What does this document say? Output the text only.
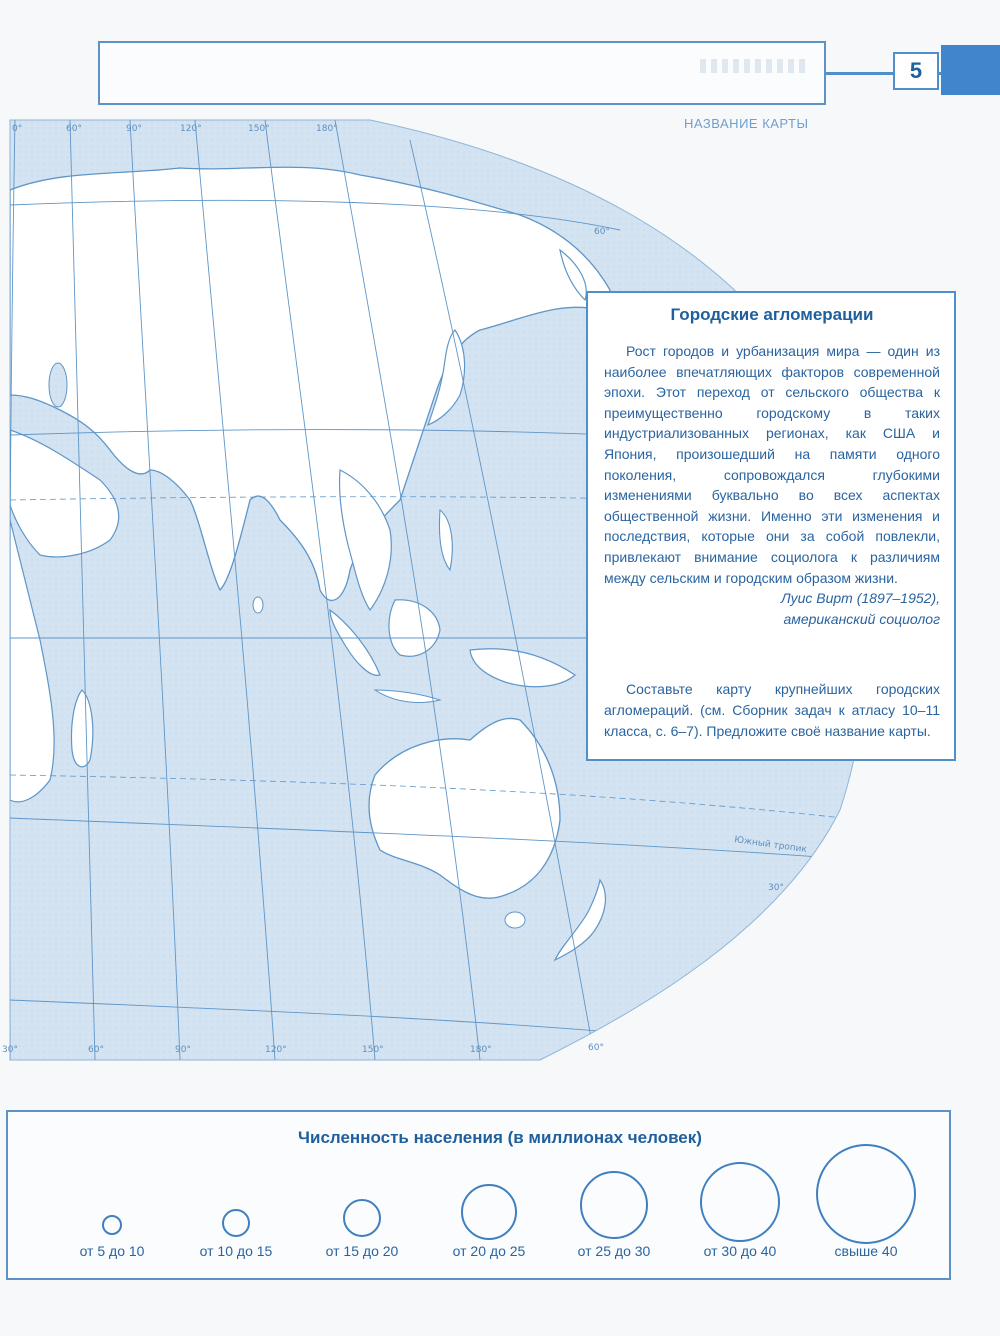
5
НАЗВАНИЕ КАРТЫ
0°	60°	90°	120°	150°	180°
30°	60°	90°	120°	150°	180°	60°
60°
30°
Южный тропик
Городские агломерации

Рост городов и урбанизация мира — один из наиболее впечатляющих факторов современной эпохи. Этот переход от сельского общества к преимущественно городскому в таких индустриализованных регионах, как США и Япония, произошедший на памяти одного поколения, сопровождался глубокими изменениями буквально во всех аспектах общественной жизни. Именно эти изменения и последствия, которые они за собой повлекли, привлекают внимание социолога к различиям между сельским и городским образом жизни.

Луис Вирт (1897–1952),
американский социолог

Составьте карту крупнейших городских агломераций. (см. Сборник задач к атласу 10–11 класса, с. 6–7). Предложите своё название карты.

Численность населения (в миллионах человек)
от 5 до 10	от 10 до 15	от 15 до 20	от 20 до 25	от 25 до 30	от 30 до 40	свыше 40
